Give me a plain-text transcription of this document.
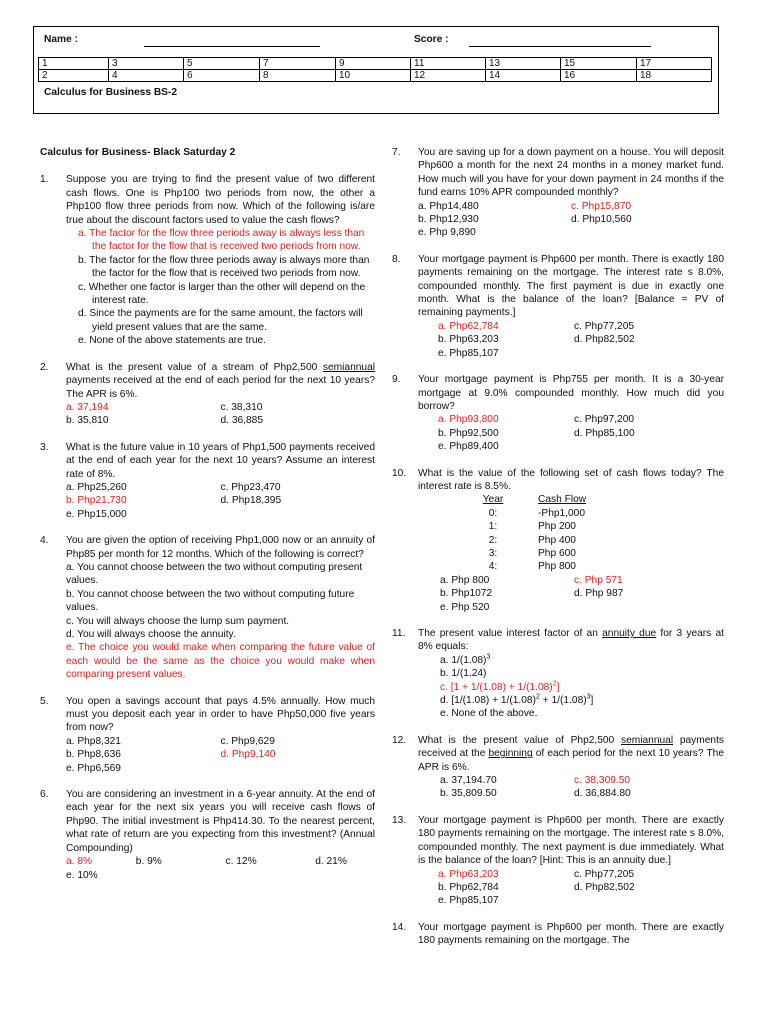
Name :	Score :
1	3	5	7	9	11	13	15	17
2	4	6	8	10	12	14	16	18
Calculus for Business BS-2
Calculus for Business- Black Saturday 2
1. Suppose you are trying to find the present value of two different cash flows. One is Php100 two periods from now, the other a Php100 flow three periods from now. Which of the following is/are true about the discount factors used to value the cash flows?
a. The factor for the flow three periods away is always less than the factor for the flow that is received two periods from now.
b. The factor for the flow three periods away is always more than the factor for the flow that is received two periods from now.
c. Whether one factor is larger than the other will depend on the interest rate.
d. Since the payments are for the same amount, the factors will yield present values that are the same.
e. None of the above statements are true.
2. What is the present value of a stream of Php2,500 semiannual payments received at the end of each period for the next 10 years? The APR is 6%.
a. 37,194	c. 38,310
b. 35,810	d. 36,885
3. What is the future value in 10 years of Php1,500 payments received at the end of each year for the next 10 years? Assume an interest rate of 8%.
a. Php25,260	c. Php23,470
b. Php21,730	d. Php18,395
e. Php15,000
4. You are given the option of receiving Php1,000 now or an annuity of Php85 per month for 12 months. Which of the following is correct?
a. You cannot choose between the two without computing present values.
b. You cannot choose between the two without computing future values.
c. You will always choose the lump sum payment.
d. You will always choose the annuity.
e. The choice you would make when comparing the future value of each would be the same as the choice you would make when comparing present values.
5. You open a savings account that pays 4.5% annually. How much must you deposit each year in order to have Php50,000 five years from now?
a. Php8,321	c. Php9,629
b. Php8,636	d. Php9,140
e. Php6,569
6. You are considering an investment in a 6-year annuity. At the end of each year for the next six years you will receive cash flows of Php90. The initial investment is Php414.30. To the nearest percent, what rate of return are you expecting from this investment? (Annual Compounding)
a. 8%	b. 9%	c. 12%	d. 21%
e. 10%
7. You are saving up for a down payment on a house. You will deposit Php600 a month for the next 24 months in a money market fund. How much will you have for your down payment in 24 months if the fund earns 10% APR compounded monthly?
a. Php14,480	c. Php15,870
b. Php12,930	d. Php10,560
e. Php 9,890
8. Your mortgage payment is Php600 per month. There is exactly 180 payments remaining on the mortgage. The interest rate s 8.0%, compounded monthly. The first payment is due in exactly one month. What is the balance of the loan? [Balance = PV of remaining payments.]
a. Php62,784	c. Php77,205
b. Php63,203	d. Php82,502
e. Php85,107
9. Your mortgage payment is Php755 per month. It is a 30-year mortgage at 9.0% compounded monthly. How much did you borrow?
a. Php93,800	c. Php97,200
b. Php92,500	d. Php85,100
e. Php89,400
10. What is the value of the following set of cash flows today? The interest rate is 8.5%.
Year	Cash Flow
0:	-Php1,000
1:	Php 200
2:	Php 400
3:	Php 600
4:	Php 800
a. Php 800	c. Php 571
b. Php1072	d. Php 987
e. Php 520
11. The present value interest factor of an annuity due for 3 years at 8% equals:
a. $1/(1.08)^3$
b. 1/(1.24)
c. $[1 + 1/(1.08) + 1/(1.08)^2]$
d. $[1/(1.08) + 1/(1.08)^2 + 1/(1.08)^3]$
e. None of the above.
12. What is the present value of Php2,500 semiannual payments received at the beginning of each period for the next 10 years? The APR is 6%.
a. 37,194.70	c. 38,309.50
b. 35,809.50	d. 36,884.80
13. Your mortgage payment is Php600 per month. There are exactly 180 payments remaining on the mortgage. The interest rate s 8.0%, compounded monthly. The next payment is due immediately. What is the balance of the loan? [Hint: This is an annuity due.]
a. Php63,203	c. Php77,205
b. Php62,784	d. Php82,502
e. Php85,107
14. Your mortgage payment is Php600 per month. There are exactly 180 payments remaining on the mortgage. The
